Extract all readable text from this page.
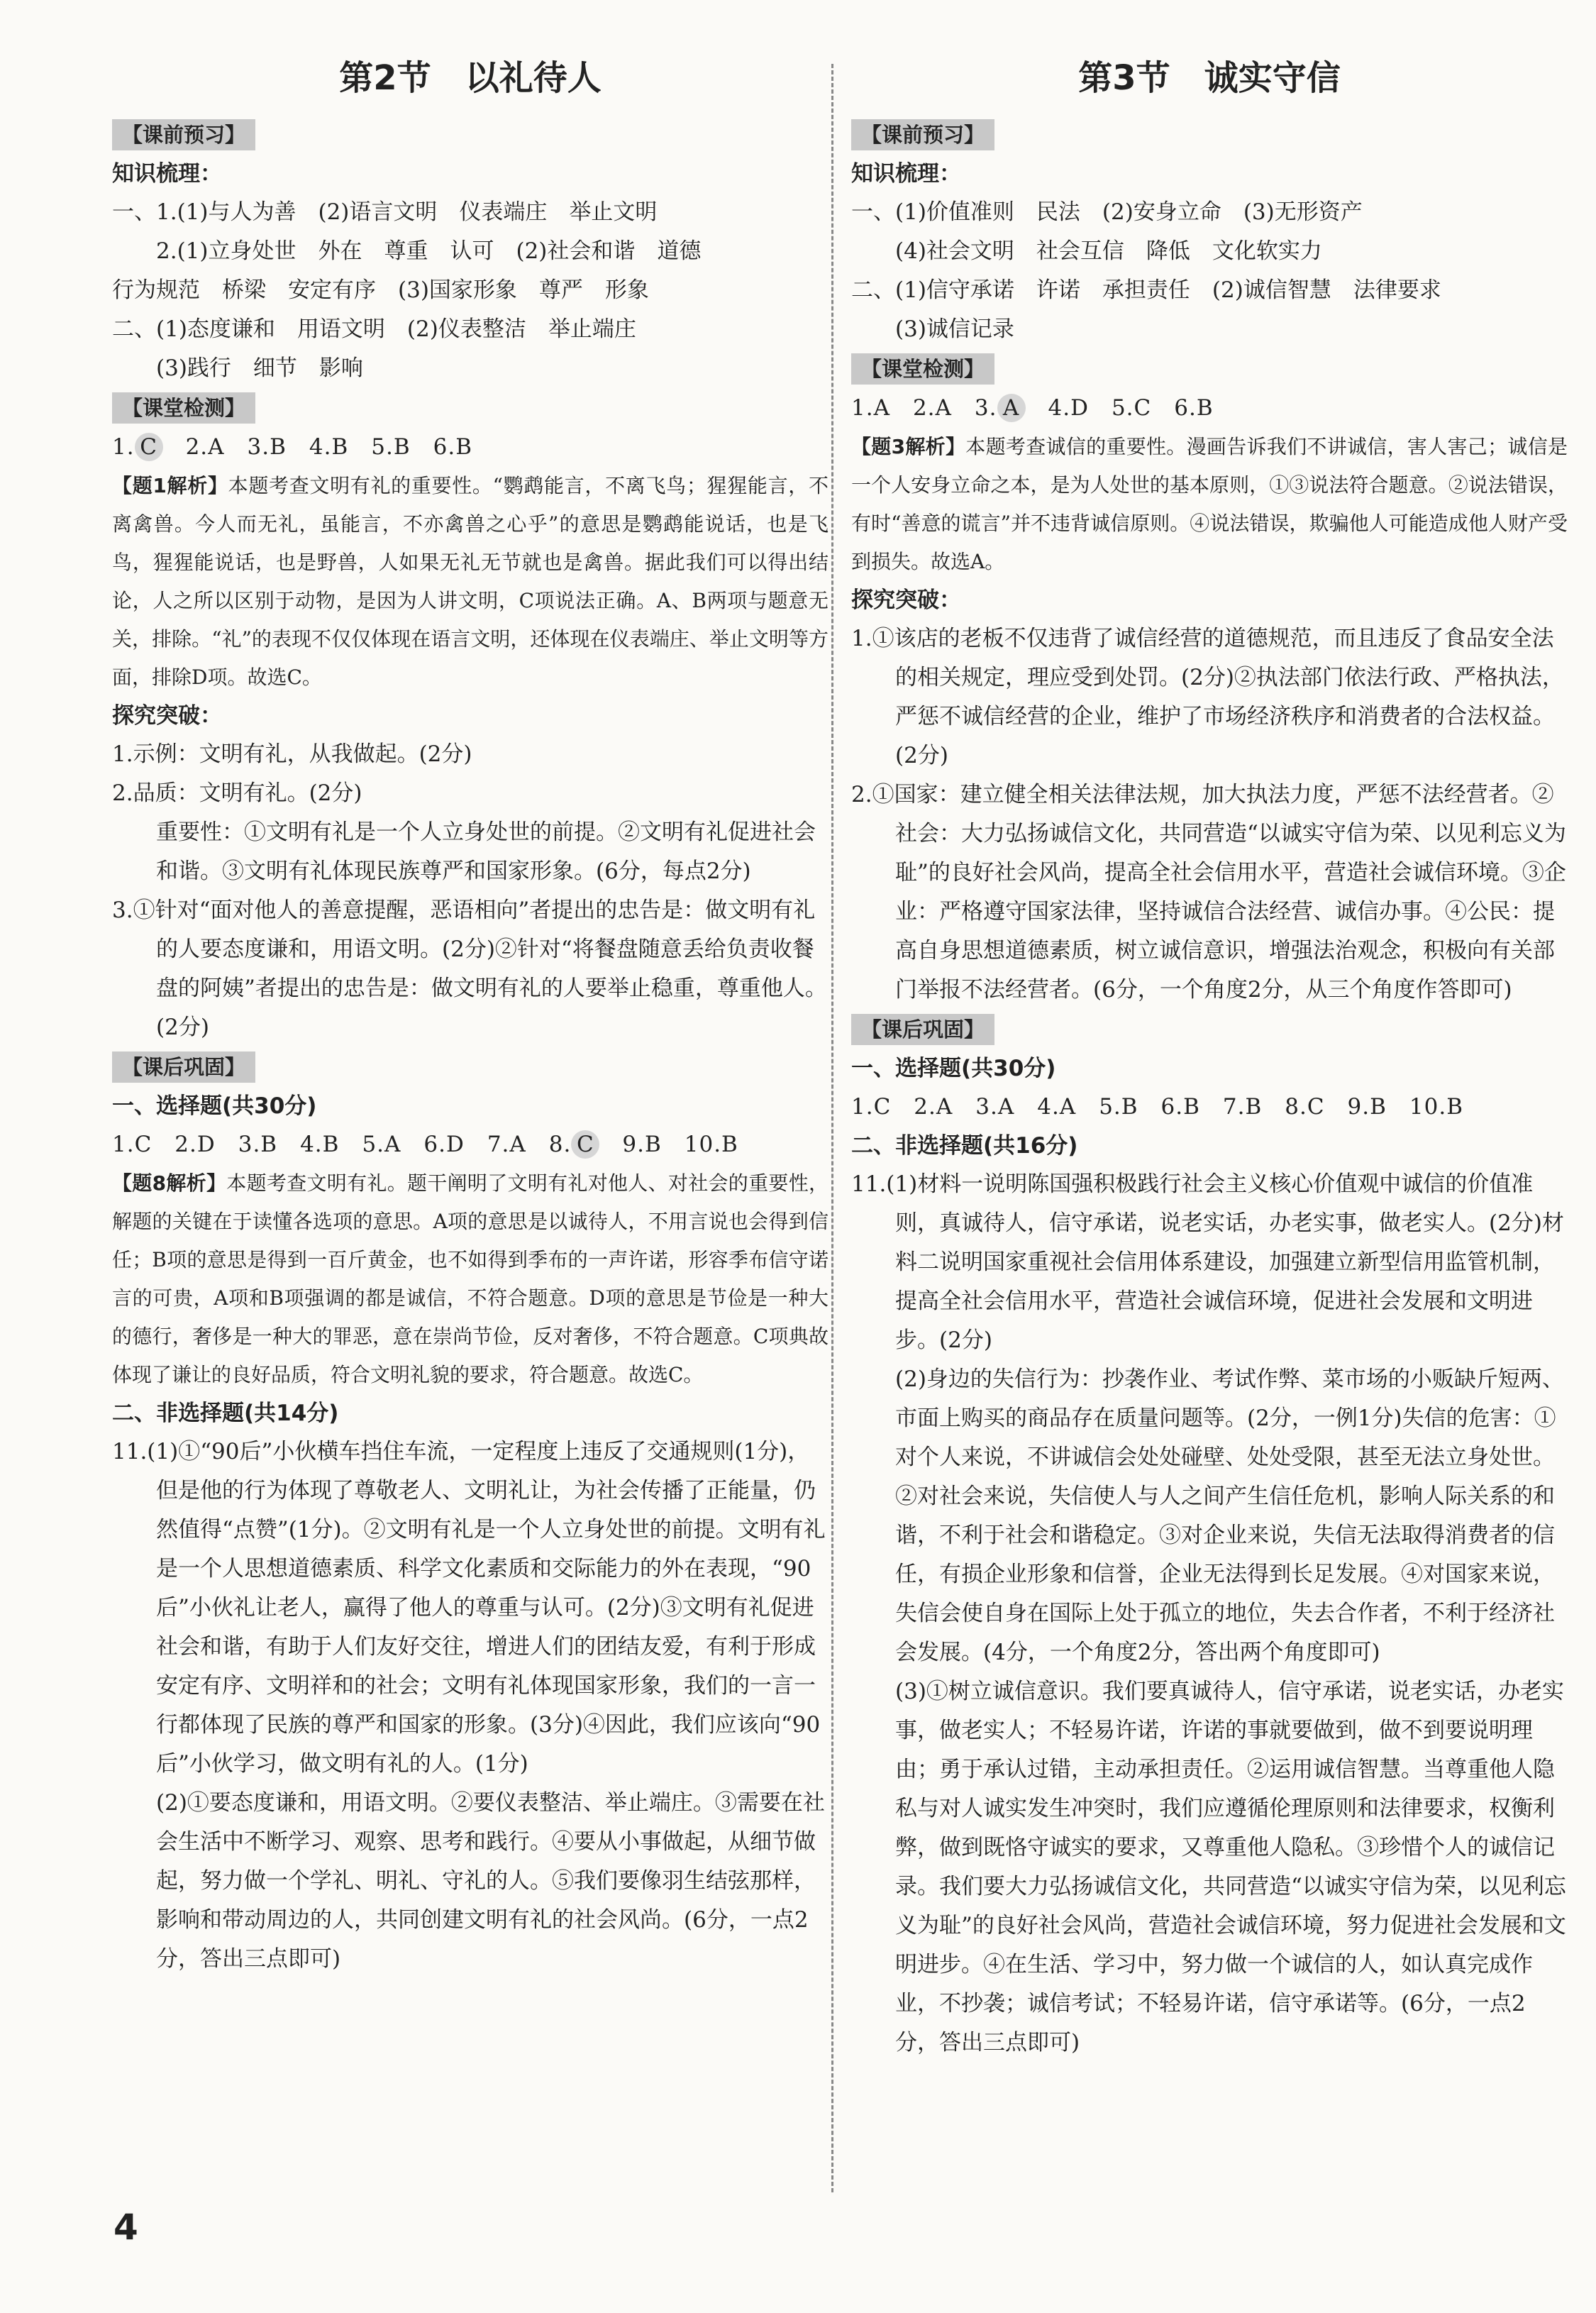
第2节　以礼待人
【课前预习】
知识梳理：

一、1.(1)与人为善　(2)语言文明　仪表端庄　举止文明

2.(1)立身处世　外在　尊重　认可　(2)社会和谐　道德

行为规范　桥梁　安定有序　(3)国家形象　尊严　形象

二、(1)态度谦和　用语文明　(2)仪表整洁　举止端庄

(3)践行　细节　影响

【课堂检测】

1. C　2.A　3.B　4.B　5.B　6.B

【题1解析】本题考查文明有礼的重要性。“鹦鹉能言，不离飞鸟；猩猩能言，不离禽兽。今人而无礼，虽能言，不亦禽兽之心乎”的意思是鹦鹉能说话，也是飞鸟，猩猩能说话，也是野兽，人如果无礼无节就也是禽兽。据此我们可以得出结论，人之所以区别于动物，是因为人讲文明，C项说法正确。A、B两项与题意无关，排除。“礼”的表现不仅仅体现在语言文明，还体现在仪表端庄、举止文明等方面，排除D项。故选C。

探究突破：

1.示例：文明有礼，从我做起。(2分)

2.品质：文明有礼。(2分)

重要性：①文明有礼是一个人立身处世的前提。②文明有礼促进社会和谐。③文明有礼体现民族尊严和国家形象。(6分，每点2分)

3.①针对“面对他人的善意提醒，恶语相向”者提出的忠告是：做文明有礼的人要态度谦和，用语文明。(2分)②针对“将餐盘随意丢给负责收餐盘的阿姨”者提出的忠告是：做文明有礼的人要举止稳重，尊重他人。(2分)

【课后巩固】
一、选择题(共30分)

1.C　2.D　3.B　4.B　5.A　6.D　7.A　8. C　9.B　10.B

【题8解析】本题考查文明有礼。题干阐明了文明有礼对他人、对社会的重要性，解题的关键在于读懂各选项的意思。A项的意思是以诚待人，不用言说也会得到信任；B项的意思是得到一百斤黄金，也不如得到季布的一声许诺，形容季布信守诺言的可贵，A项和B项强调的都是诚信，不符合题意。D项的意思是节俭是一种大的德行，奢侈是一种大的罪恶，意在崇尚节俭，反对奢侈，不符合题意。C项典故体现了谦让的良好品质，符合文明礼貌的要求，符合题意。故选C。

二、非选择题(共14分)

11.(1)①“90后”小伙横车挡住车流，一定程度上违反了交通规则(1分)，但是他的行为体现了尊敬老人、文明礼让，为社会传播了正能量，仍然值得“点赞”(1分)。②文明有礼是一个人立身处世的前提。文明有礼是一个人思想道德素质、科学文化素质和交际能力的外在表现，“90后”小伙礼让老人，赢得了他人的尊重与认可。(2分)③文明有礼促进社会和谐，有助于人们友好交往，增进人们的团结友爱，有利于形成安定有序、文明祥和的社会；文明有礼体现国家形象，我们的一言一行都体现了民族的尊严和国家的形象。(3分)④因此，我们应该向“90后”小伙学习，做文明有礼的人。(1分)

(2)①要态度谦和，用语文明。②要仪表整洁、举止端庄。③需要在社会生活中不断学习、观察、思考和践行。④要从小事做起，从细节做起，努力做一个学礼、明礼、守礼的人。⑤我们要像羽生结弦那样，影响和带动周边的人，共同创建文明有礼的社会风尚。(6分，一点2分，答出三点即可)

第3节　诚实守信
【课前预习】
知识梳理：

一、(1)价值准则　民法　(2)安身立命　(3)无形资产

(4)社会文明　社会互信　降低　文化软实力

二、(1)信守承诺　许诺　承担责任　(2)诚信智慧　法律要求

(3)诚信记录

【课堂检测】

1.A　2.A　3. A　4.D　5.C　6.B

【题3解析】本题考查诚信的重要性。漫画告诉我们不讲诚信，害人害己；诚信是一个人安身立命之本，是为人处世的基本原则，①③说法符合题意。②说法错误，有时“善意的谎言”并不违背诚信原则。④说法错误，欺骗他人可能造成他人财产受到损失。故选A。

探究突破：

1.①该店的老板不仅违背了诚信经营的道德规范，而且违反了食品安全法的相关规定，理应受到处罚。(2分)②执法部门依法行政、严格执法，严惩不诚信经营的企业，维护了市场经济秩序和消费者的合法权益。(2分)

2.①国家：建立健全相关法律法规，加大执法力度，严惩不法经营者。②社会：大力弘扬诚信文化，共同营造“以诚实守信为荣、以见利忘义为耻”的良好社会风尚，提高全社会信用水平，营造社会诚信环境。③企业：严格遵守国家法律，坚持诚信合法经营、诚信办事。④公民：提高自身思想道德素质，树立诚信意识，增强法治观念，积极向有关部门举报不法经营者。(6分，一个角度2分，从三个角度作答即可)

【课后巩固】
一、选择题(共30分)

1.C　2.A　3.A　4.A　5.B　6.B　7.B　8.C　9.B　10.B

二、非选择题(共16分)

11.(1)材料一说明陈国强积极践行社会主义核心价值观中诚信的价值准则，真诚待人，信守承诺，说老实话，办老实事，做老实人。(2分)材料二说明国家重视社会信用体系建设，加强建立新型信用监管机制，提高全社会信用水平，营造社会诚信环境，促进社会发展和文明进步。(2分)

(2)身边的失信行为：抄袭作业、考试作弊、菜市场的小贩缺斤短两、市面上购买的商品存在质量问题等。(2分，一例1分)失信的危害：①对个人来说，不讲诚信会处处碰壁、处处受限，甚至无法立身处世。②对社会来说，失信使人与人之间产生信任危机，影响人际关系的和谐，不利于社会和谐稳定。③对企业来说，失信无法取得消费者的信任，有损企业形象和信誉，企业无法得到长足发展。④对国家来说，失信会使自身在国际上处于孤立的地位，失去合作者，不利于经济社会发展。(4分，一个角度2分，答出两个角度即可)

(3)①树立诚信意识。我们要真诚待人，信守承诺，说老实话，办老实事，做老实人；不轻易许诺，许诺的事就要做到，做不到要说明理由；勇于承认过错，主动承担责任。②运用诚信智慧。当尊重他人隐私与对人诚实发生冲突时，我们应遵循伦理原则和法律要求，权衡利弊，做到既恪守诚实的要求，又尊重他人隐私。③珍惜个人的诚信记录。我们要大力弘扬诚信文化，共同营造“以诚实守信为荣，以见利忘义为耻”的良好社会风尚，营造社会诚信环境，努力促进社会发展和文明进步。④在生活、学习中，努力做一个诚信的人，如认真完成作业，不抄袭；诚信考试；不轻易许诺，信守承诺等。(6分，一点2分，答出三点即可)

4
